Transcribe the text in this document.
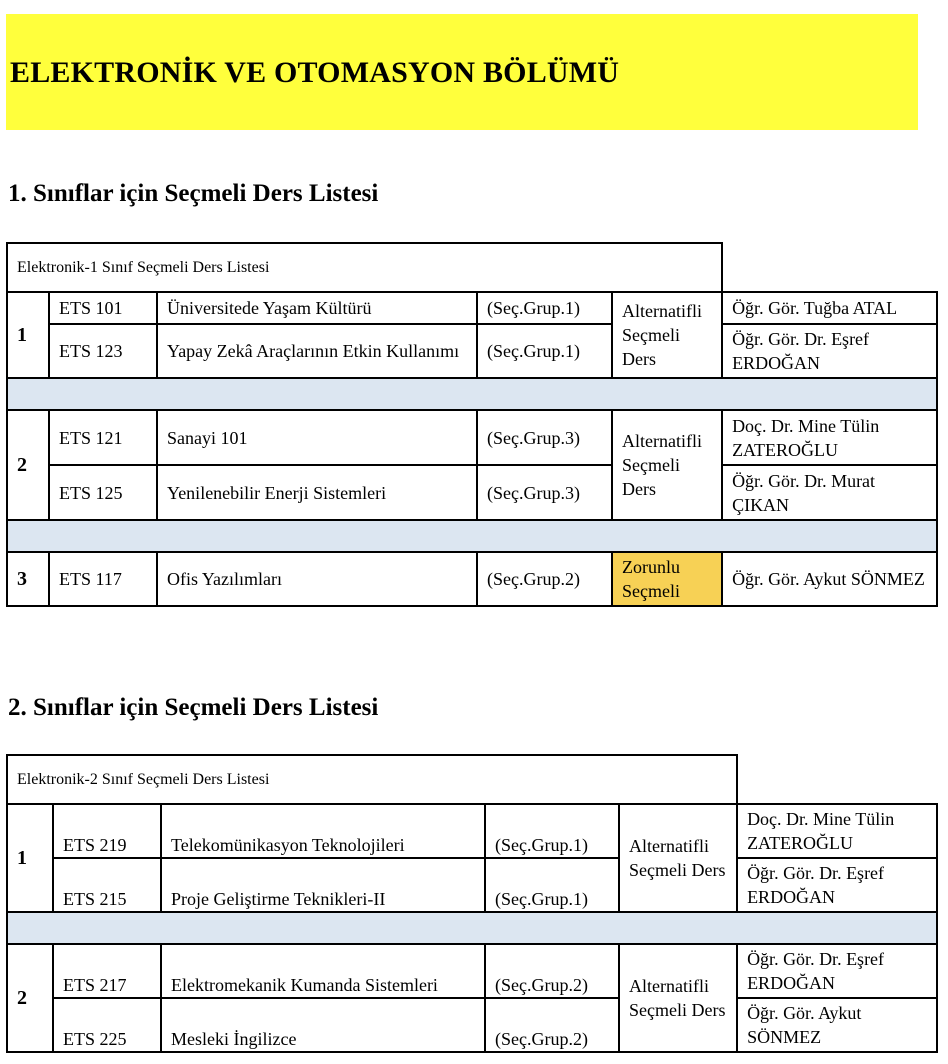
ELEKTRONİK VE OTOMASYON BÖLÜMÜ
1. Sınıflar için Seçmeli Ders Listesi
Elektronik-1 Sınıf Seçmeli Ders Listesi					
1	ETS 101	Üniversitede Yaşam Kültürü	(Seç.Grup.1)	Alternatifli Seçmeli Ders	Öğr. Gör. Tuğba ATAL
	ETS 123	Yapay Zekâ Araçlarının Etkin Kullanımı	(Seç.Grup.1)		Öğr. Gör. Dr. Eşref ERDOĞAN

2	ETS 121	Sanayi 101	(Seç.Grup.3)	Alternatifli Seçmeli Ders	Doç. Dr. Mine Tülin ZATEROĞLU
	ETS 125	Yenilenebilir Enerji Sistemleri	(Seç.Grup.3)		Öğr. Gör. Dr. Murat ÇIKAN

3	ETS 117	Ofis Yazılımları	(Seç.Grup.2)	Zorunlu Seçmeli	Öğr. Gör. Aykut SÖNMEZ
2. Sınıflar için Seçmeli Ders Listesi
Elektronik-2 Sınıf Seçmeli Ders Listesi					
1	ETS 219	Telekomünikasyon Teknolojileri	(Seç.Grup.1)	Alternatifli Seçmeli Ders	Doç. Dr. Mine Tülin ZATEROĞLU
	ETS 215	Proje Geliştirme Teknikleri-II	(Seç.Grup.1)		Öğr. Gör. Dr. Eşref ERDOĞAN

2	ETS 217	Elektromekanik Kumanda Sistemleri	(Seç.Grup.2)	Alternatifli Seçmeli Ders	Öğr. Gör. Dr. Eşref ERDOĞAN
	ETS 225	Mesleki İngilizce	(Seç.Grup.2)		Öğr. Gör. Aykut SÖNMEZ
